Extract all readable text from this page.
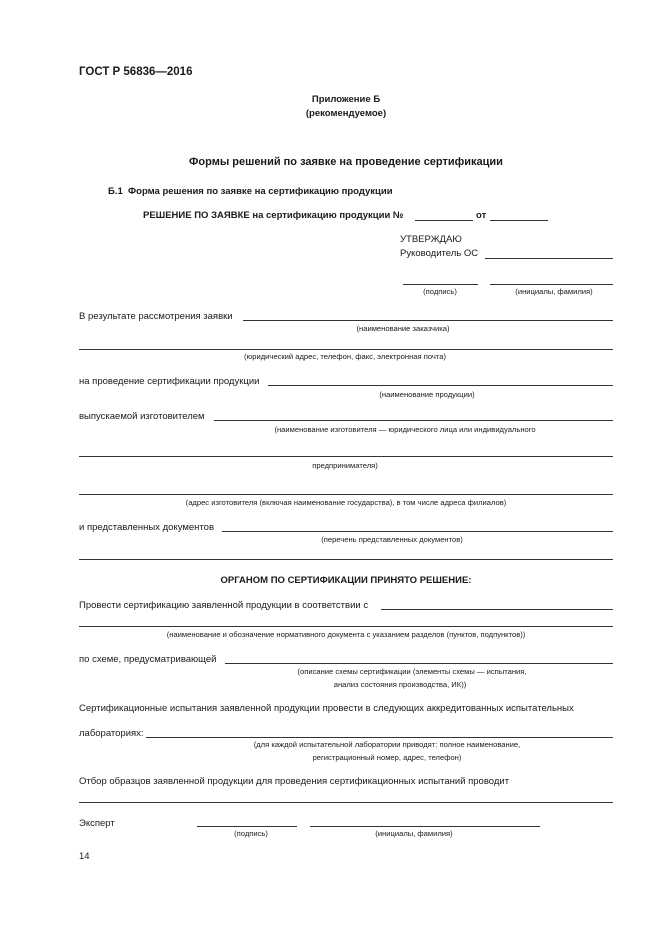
ГОСТ Р 56836—2016
Приложение Б
(рекомендуемое)
Формы решений по заявке на проведение сертификации
Б.1  Форма решения по заявке на сертификацию продукции
РЕШЕНИЕ ПО ЗАЯВКЕ на сертификацию продукции №	от
УТВЕРЖДАЮ
Руководитель ОС
(подпись)	(инициалы, фамилия)
В результате рассмотрения заявки
(наименование заказчика)
(юридический адрес, телефон, факс, электронная почта)
на проведение сертификации продукции
(наименование продукции)
выпускаемой изготовителем
(наименование изготовителя — юридического лица или индивидуального
предпринимателя)
(адрес изготовителя (включая наименование государства), в том числе адреса филиалов)
и представленных документов
(перечень представленных документов)
ОРГАНОМ ПО СЕРТИФИКАЦИИ ПРИНЯТО РЕШЕНИЕ:
Провести сертификацию заявленной продукции в соответствии с
(наименование и обозначение нормативного документа с указанием разделов (пунктов, подпунктов))
по схеме, предусматривающей
(описание схемы сертификации (элементы схемы — испытания,
анализ состояния производства, ИК))
Сертификационные испытания заявленной продукции провести в следующих аккредитованных испытательных
лабораториях:
(для каждой испытательной лаборатории приводят: полное наименование,
регистрационный номер, адрес, телефон)
Отбор образцов заявленной продукции для проведения сертификационных испытаний проводит
Эксперт
(подпись)	(инициалы, фамилия)
14
